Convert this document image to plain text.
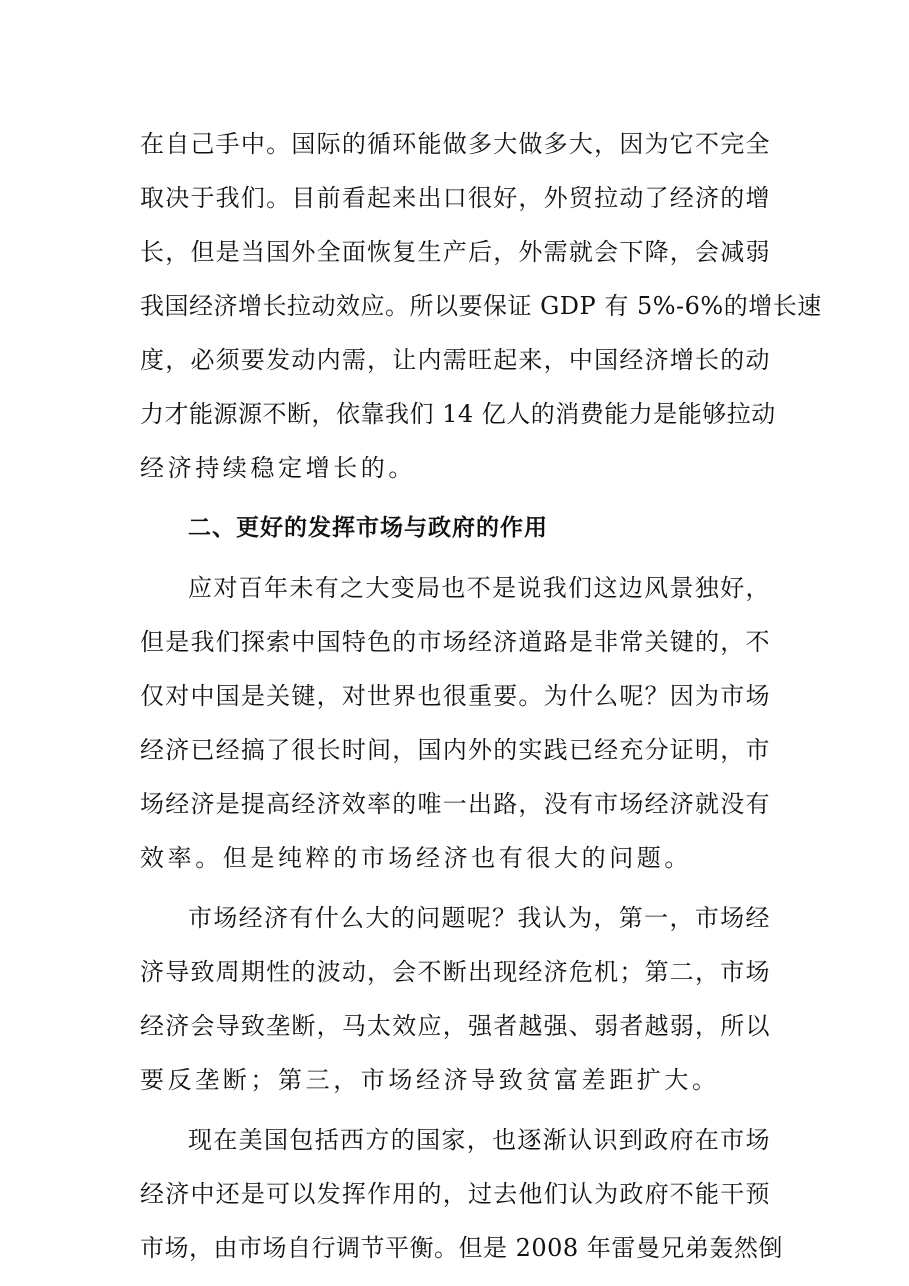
在自己手中。国际的循环能做多大做多大，因为它不完全
取决于我们。目前看起来出口很好，外贸拉动了经济的增
长，但是当国外全面恢复生产后，外需就会下降，会减弱
我国经济增长拉动效应。所以要保证 GDP 有 5%-6%的增长速
度，必须要发动内需，让内需旺起来，中国经济增长的动
力才能源源不断，依靠我们 14 亿人的消费能力是能够拉动
经济持续稳定增长的。
二、更好的发挥市场与政府的作用
应对百年未有之大变局也不是说我们这边风景独好，
但是我们探索中国特色的市场经济道路是非常关键的，不
仅对中国是关键，对世界也很重要。为什么呢？因为市场
经济已经搞了很长时间，国内外的实践已经充分证明，市
场经济是提高经济效率的唯一出路，没有市场经济就没有
效率。但是纯粹的市场经济也有很大的问题。
市场经济有什么大的问题呢？我认为，第一，市场经
济导致周期性的波动，会不断出现经济危机；第二，市场
经济会导致垄断，马太效应，强者越强、弱者越弱，所以
要反垄断；第三，市场经济导致贫富差距扩大。
现在美国包括西方的国家，也逐渐认识到政府在市场
经济中还是可以发挥作用的，过去他们认为政府不能干预
市场，由市场自行调节平衡。但是 2008 年雷曼兄弟轰然倒
